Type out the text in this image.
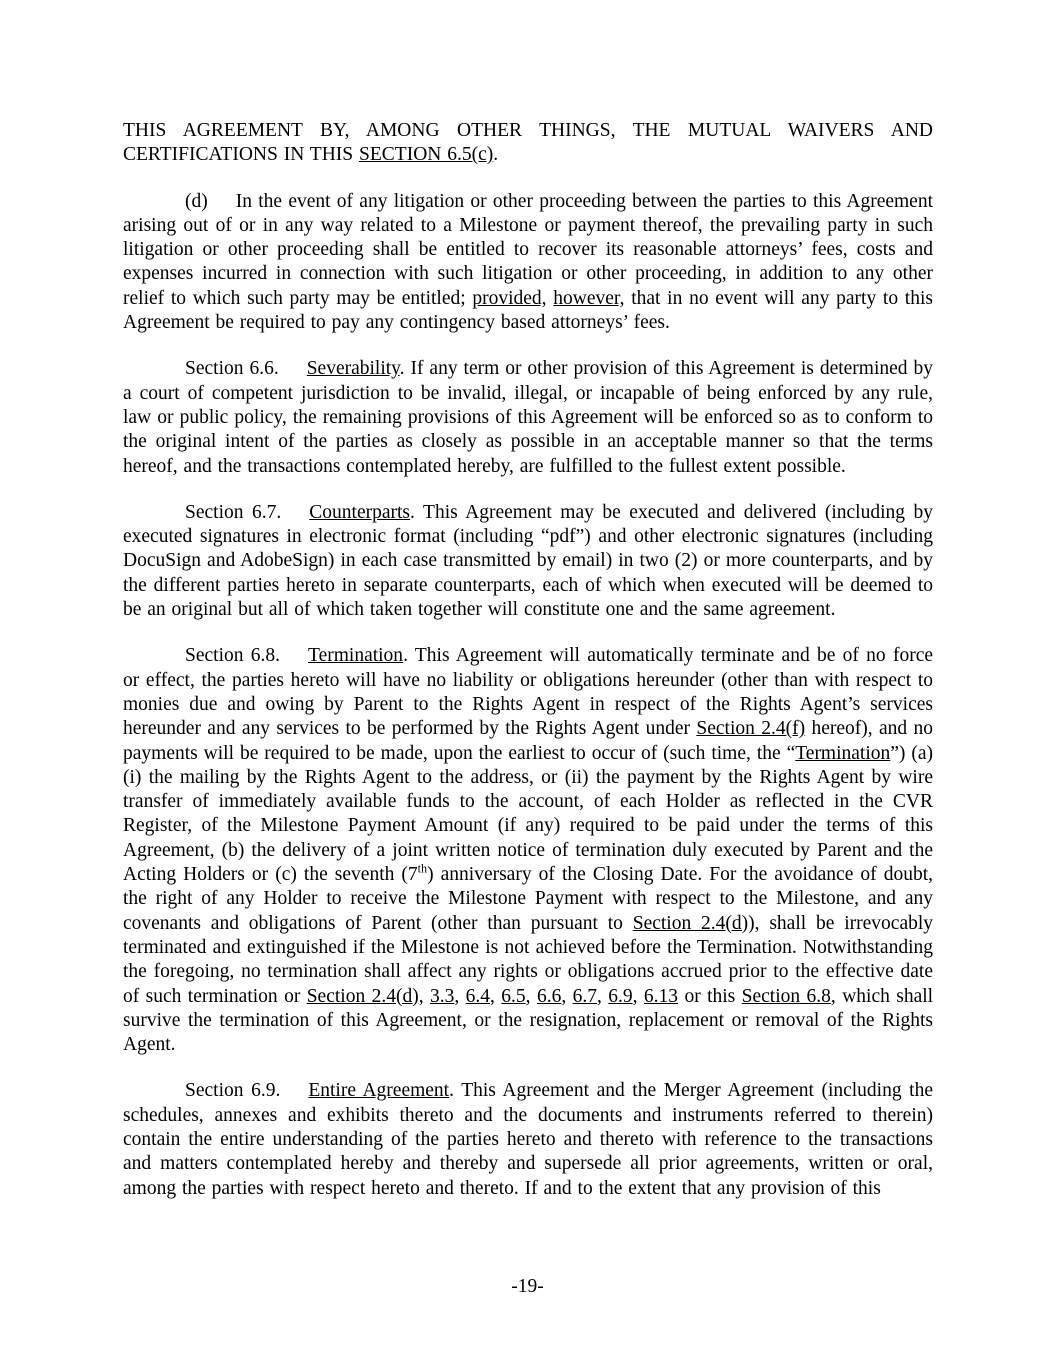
THIS AGREEMENT BY, AMONG OTHER THINGS, THE MUTUAL WAIVERS AND CERTIFICATIONS IN THIS SECTION 6.5(c).

(d) In the event of any litigation or other proceeding between the parties to this Agreement arising out of or in any way related to a Milestone or payment thereof, the prevailing party in such litigation or other proceeding shall be entitled to recover its reasonable attorneys’ fees, costs and expenses incurred in connection with such litigation or other proceeding, in addition to any other relief to which such party may be entitled; provided, however, that in no event will any party to this Agreement be required to pay any contingency based attorneys’ fees.

Section 6.6. Severability. If any term or other provision of this Agreement is determined by a court of competent jurisdiction to be invalid, illegal, or incapable of being enforced by any rule, law or public policy, the remaining provisions of this Agreement will be enforced so as to conform to the original intent of the parties as closely as possible in an acceptable manner so that the terms hereof, and the transactions contemplated hereby, are fulfilled to the fullest extent possible.

Section 6.7. Counterparts. This Agreement may be executed and delivered (including by executed signatures in electronic format (including “pdf”) and other electronic signatures (including DocuSign and AdobeSign) in each case transmitted by email) in two (2) or more counterparts, and by the different parties hereto in separate counterparts, each of which when executed will be deemed to be an original but all of which taken together will constitute one and the same agreement.

Section 6.8. Termination. This Agreement will automatically terminate and be of no force or effect, the parties hereto will have no liability or obligations hereunder (other than with respect to monies due and owing by Parent to the Rights Agent in respect of the Rights Agent’s services hereunder and any services to be performed by the Rights Agent under Section 2.4(f) hereof), and no payments will be required to be made, upon the earliest to occur of (such time, the “Termination”) (a) (i) the mailing by the Rights Agent to the address, or (ii) the payment by the Rights Agent by wire transfer of immediately available funds to the account, of each Holder as reflected in the CVR Register, of the Milestone Payment Amount (if any) required to be paid under the terms of this Agreement, (b) the delivery of a joint written notice of termination duly executed by Parent and the Acting Holders or (c) the seventh (7th) anniversary of the Closing Date. For the avoidance of doubt, the right of any Holder to receive the Milestone Payment with respect to the Milestone, and any covenants and obligations of Parent (other than pursuant to Section 2.4(d)), shall be irrevocably terminated and extinguished if the Milestone is not achieved before the Termination. Notwithstanding the foregoing, no termination shall affect any rights or obligations accrued prior to the effective date of such termination or Section 2.4(d), 3.3, 6.4, 6.5, 6.6, 6.7, 6.9, 6.13 or this Section 6.8, which shall survive the termination of this Agreement, or the resignation, replacement or removal of the Rights Agent.

Section 6.9. Entire Agreement. This Agreement and the Merger Agreement (including the schedules, annexes and exhibits thereto and the documents and instruments referred to therein) contain the entire understanding of the parties hereto and thereto with reference to the transactions and matters contemplated hereby and thereby and supersede all prior agreements, written or oral, among the parties with respect hereto and thereto. If and to the extent that any provision of this

-19-
